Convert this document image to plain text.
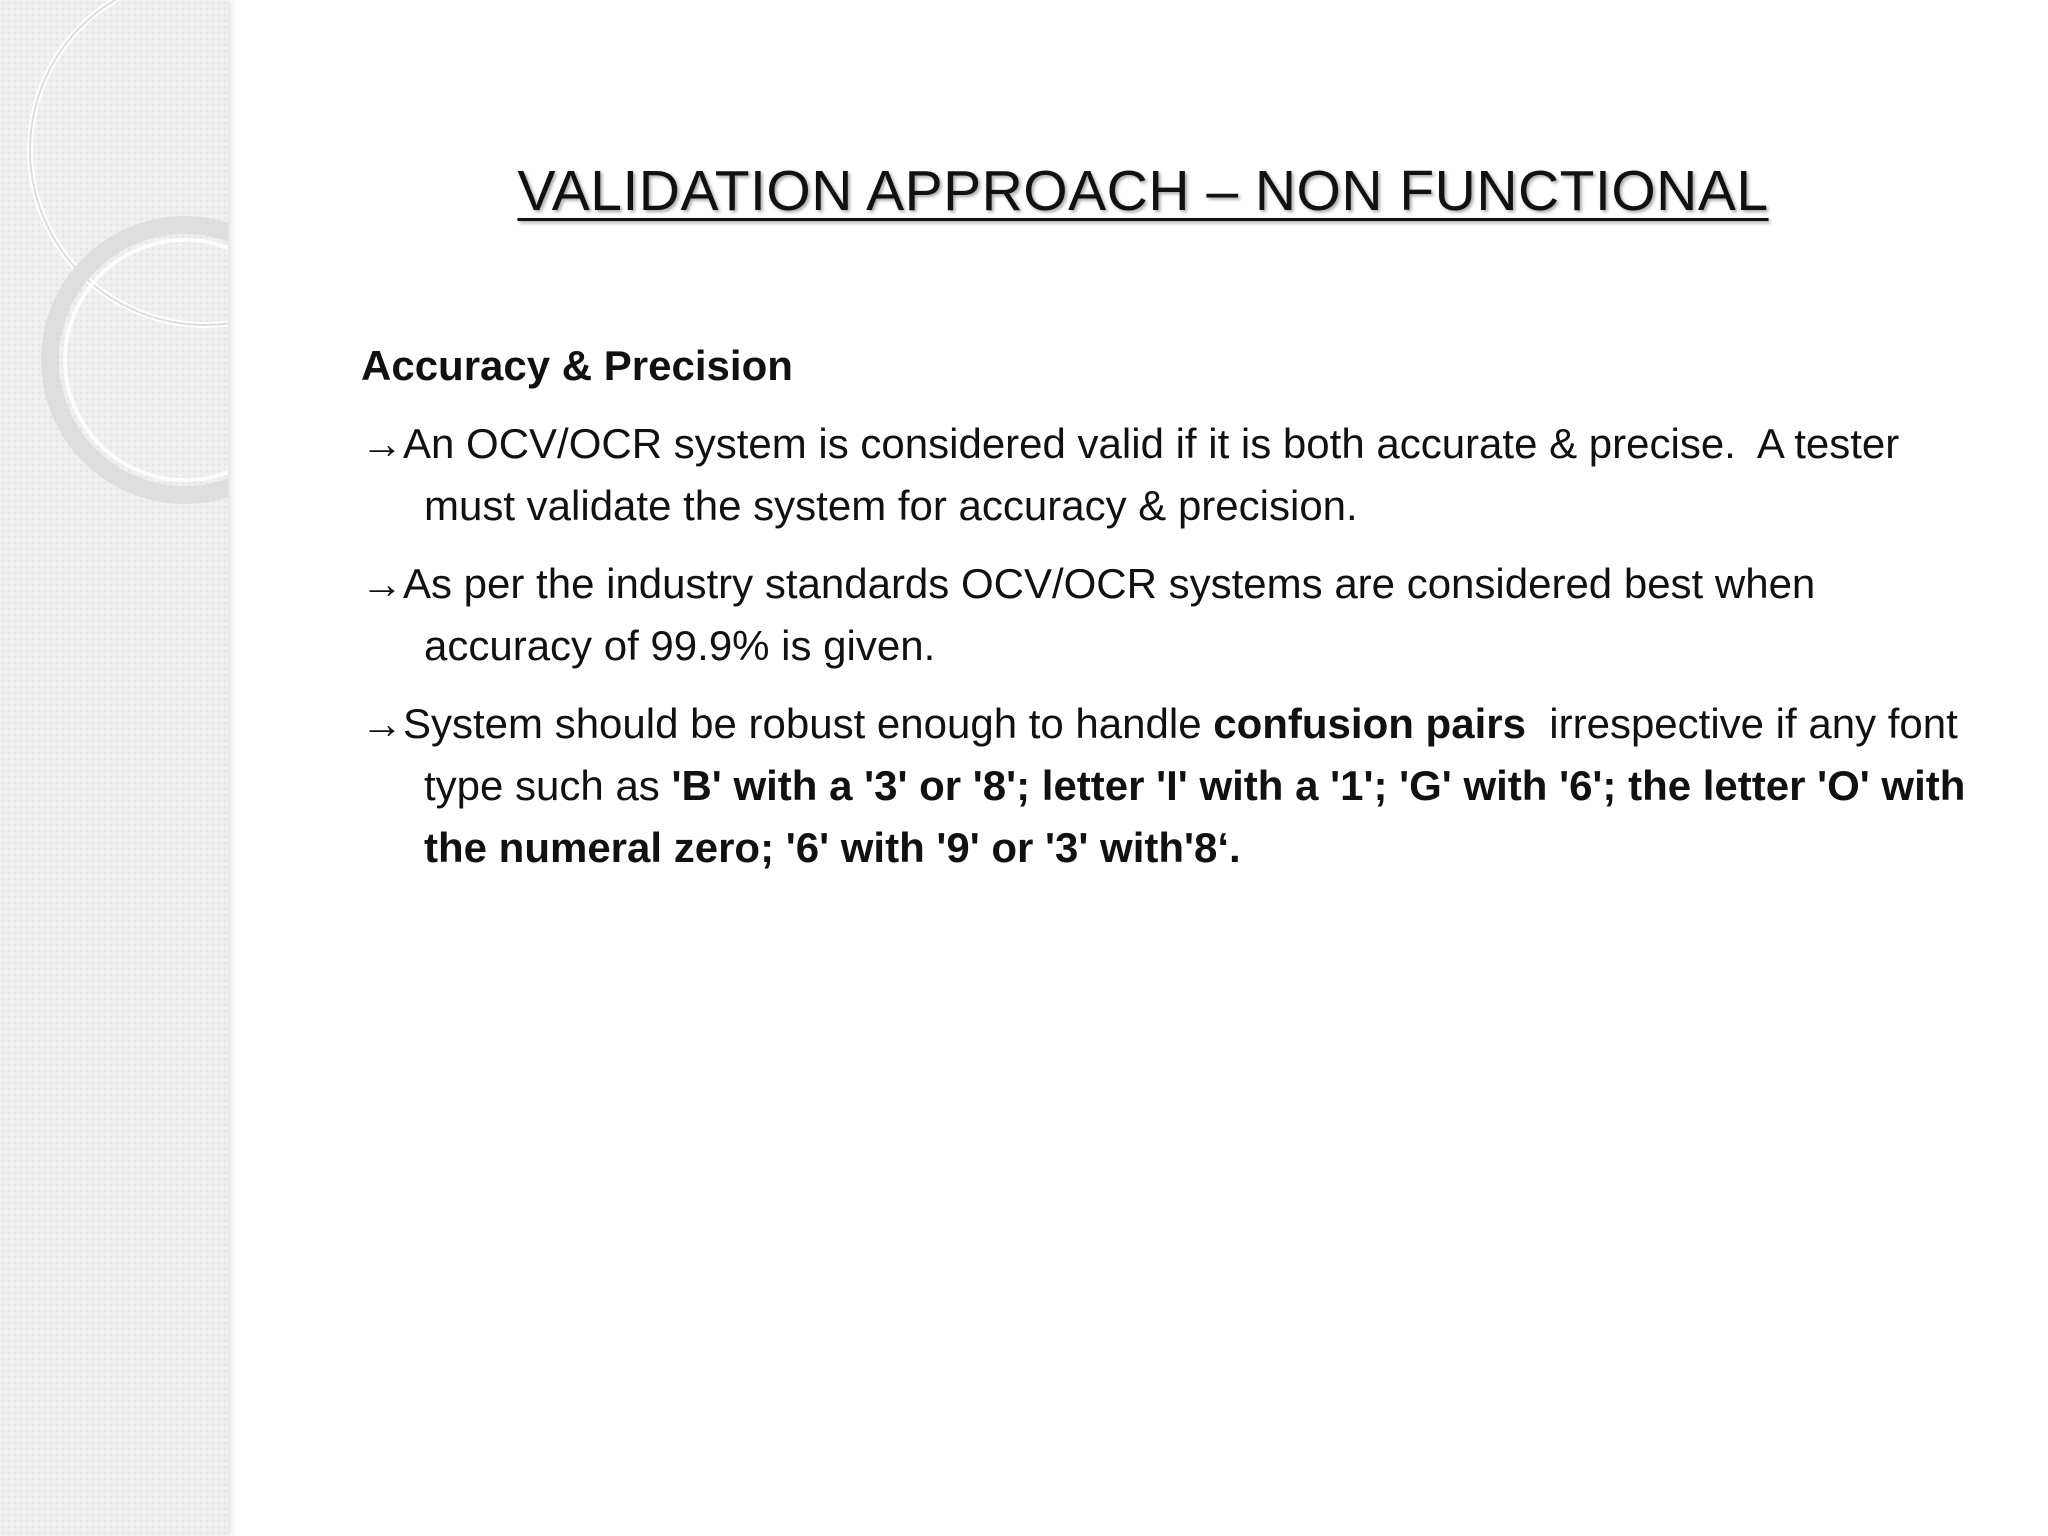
VALIDATION APPROACH – NON FUNCTIONAL
Accuracy & Precision
→An OCV/OCR system is considered valid if it is both accurate & precise.  A tester must validate the system for accuracy & precision.
→As per the industry standards OCV/OCR systems are considered best when accuracy of 99.9% is given.
→System should be robust enough to handle confusion pairs  irrespective if any font type such as 'B' with a '3' or '8'; letter 'I' with a '1'; 'G' with '6'; the letter 'O' with the numeral zero; '6' with '9' or '3' with'8‘.
